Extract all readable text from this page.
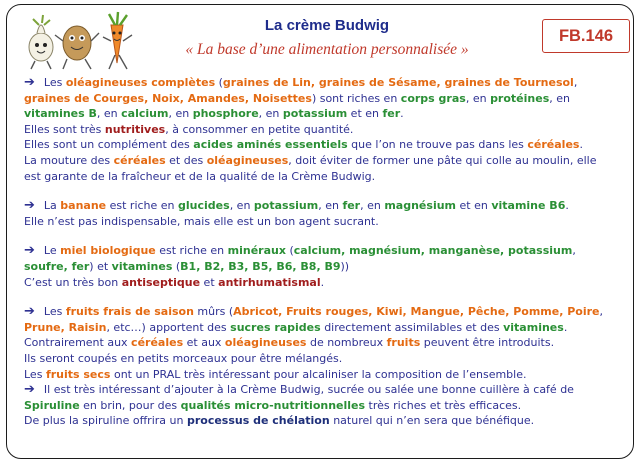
La crème Budwig
« La base d’une alimentation personnalisée »
FB.146
➔ Les oléagineuses complètes (graines de Lin, graines de Sésame, graines de Tournesol,
graines de Courges, Noix, Amandes, Noisettes) sont riches en corps gras, en protéines, en
vitamines B, en calcium, en phosphore, en potassium et en fer.
Elles sont très nutritives, à consommer en petite quantité.
Elles sont un complément des acides aminés essentiels que l’on ne trouve pas dans les céréales.
La mouture des céréales et des oléagineuses, doit éviter de former une pâte qui colle au moulin, elle
est garante de la fraîcheur et de la qualité de la Crème Budwig.
➔ La banane est riche en glucides, en potassium, en fer, en magnésium et en vitamine B6.
Elle n’est pas indispensable, mais elle est un bon agent sucrant.
➔ Le miel biologique est riche en minéraux (calcium, magnésium, manganèse, potassium,
soufre, fer) et vitamines (B1, B2, B3, B5, B6, B8, B9))
C’est un très bon antiseptique et antirhumatismal.
➔ Les fruits frais de saison mûrs (Abricot, Fruits rouges, Kiwi, Mangue, Pêche, Pomme, Poire,
Prune, Raisin, etc…) apportent des sucres rapides directement assimilables et des vitamines.
Contrairement aux céréales et aux oléagineuses de nombreux fruits peuvent être introduits.
Ils seront coupés en petits morceaux pour être mélangés.
Les fruits secs ont un PRAL très intéressant pour alcaliniser la composition de l’ensemble.
➔ Il est très intéressant d’ajouter à la Crème Budwig, sucrée ou salée une bonne cuillère à café de
Spiruline en brin, pour des qualités micro-nutritionnelles très riches et très efficaces.
De plus la spiruline offrira un processus de chélation naturel qui n’en sera que bénéfique.
